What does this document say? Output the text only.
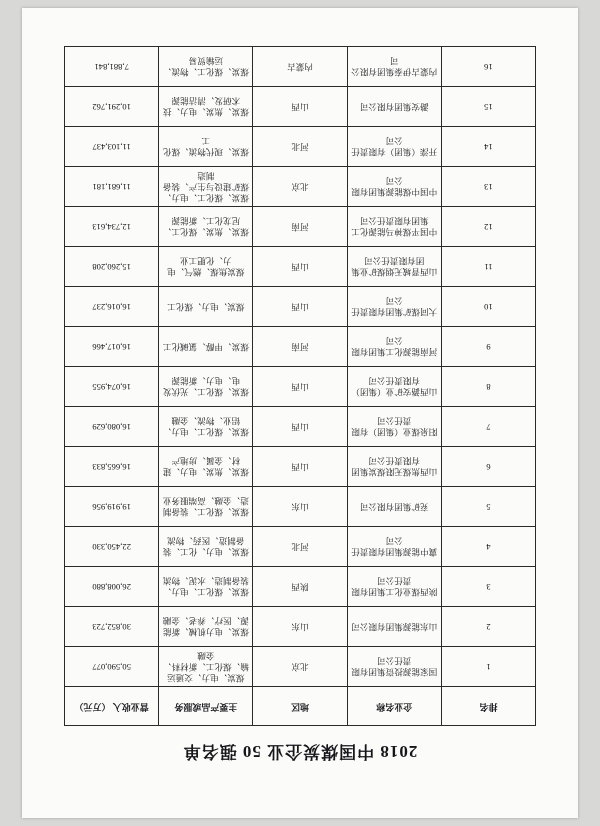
2018 中国煤炭企业 50 强名单
排名	企业名称	地区	主要产品或服务	营业收入 （万元）
1	国家能源投资集团有限责任公司	北京	煤炭、电力、交通运输、煤化工、新材料、金融	50,590,077
2	山东能源集团有限公司	山东	煤炭、电力机械、新能源、医疗、养老、金融	30,852,723
3	陕西煤业化工集团有限责任公司	陕西	煤炭、煤化工、电力、装备制造、水泥、物流	26,008,880
4	冀中能源集团有限责任公司	河北	煤炭、电力、化工、装备制造、医药、物流	22,450,330
5	兖矿集团有限公司	山东	煤炭、煤化工、装备制造、金融、高端服务业	19,919,956
6	山西焦煤无限煤炭集团有限责任公司	山西	煤炭、焦炭、电力、建材、金属、房地产	16,665,833
7	阳泉煤业（集团）有限责任公司	山西	煤炭、煤化工、电力、铝业、物流、金融	16,080,629
8	山西潞安矿业（集团）有限责任公司	山西	煤炭、煤化工、光伏发电、电力、新能源	16,074,955
9	河南能源化工集团有限公司	河南	煤炭、甲醇、氯碱化工	16,017,466
10	大同煤矿集团有限责任公司	山西	煤炭、电力、煤化工	16,016,237
11	山西晋城无烟煤矿业集团有限责任公司	山西	煤炭焦煤、燃气、电力、化肥工业	15,260,208
12	中国平煤神马能源化工集团有限责任公司	河南	煤炭、焦炭、煤化工、尼龙化工、新能源	12,734,613
13	中国中煤能源集团有限公司	北京	煤炭、煤化工、电力、煤矿建设与生产、装备制造	11,681,181
14	开滦（集团）有限责任公司	河北	煤炭、现代物流、煤化工	11,103,437
15	潞安集团有限公司	山西	煤炭、焦炭、电力、技术研发、清洁能源	10,291,762
16	内蒙古伊泰集团有限公司	内蒙古	煤炭、煤化工、物流、运输贸易	7,881,841
